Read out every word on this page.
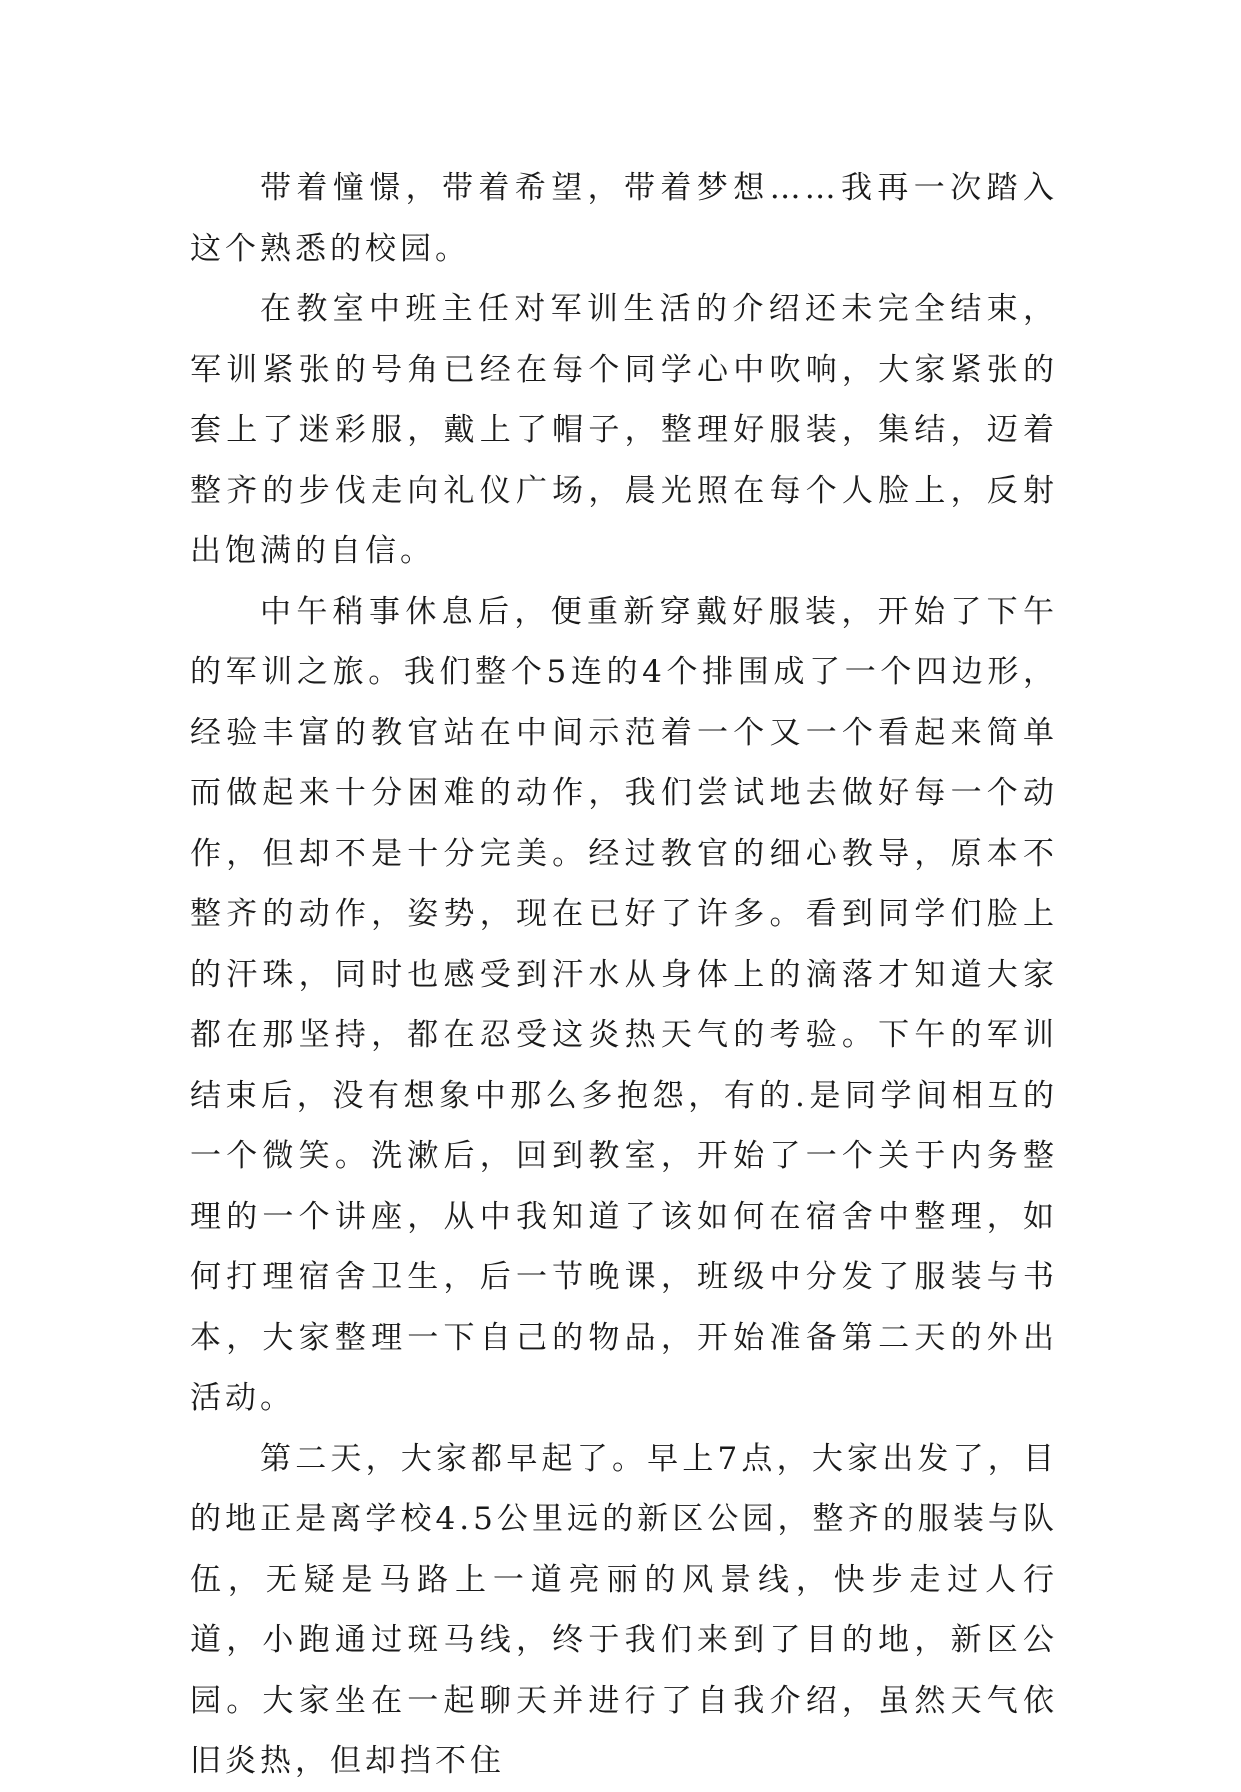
带着憧憬，带着希望，带着梦想……我再一次踏入这个熟悉的校园。

在教室中班主任对军训生活的介绍还未完全结束，军训紧张的号角已经在每个同学心中吹响，大家紧张的套上了迷彩服，戴上了帽子，整理好服装，集结，迈着整齐的步伐走向礼仪广场，晨光照在每个人脸上，反射出饱满的自信。

中午稍事休息后，便重新穿戴好服装，开始了下午的军训之旅。我们整个5连的4个排围成了一个四边形，经验丰富的教官站在中间示范着一个又一个看起来简单而做起来十分困难的动作，我们尝试地去做好每一个动作，但却不是十分完美。经过教官的细心教导，原本不整齐的动作，姿势，现在已好了许多。看到同学们脸上的汗珠，同时也感受到汗水从身体上的滴落才知道大家都在那坚持，都在忍受这炎热天气的考验。下午的军训结束后，没有想象中那么多抱怨，有的.是同学间相互的一个微笑。洗漱后，回到教室，开始了一个关于内务整理的一个讲座，从中我知道了该如何在宿舍中整理，如何打理宿舍卫生，后一节晚课，班级中分发了服装与书本，大家整理一下自己的物品，开始准备第二天的外出活动。

第二天，大家都早起了。早上7点，大家出发了，目的地正是离学校4.5公里远的新区公园，整齐的服装与队伍，无疑是马路上一道亮丽的风景线，快步走过人行道，小跑通过斑马线，终于我们来到了目的地，新区公园。大家坐在一起聊天并进行了自我介绍，虽然天气依旧炎热，但却挡不住
